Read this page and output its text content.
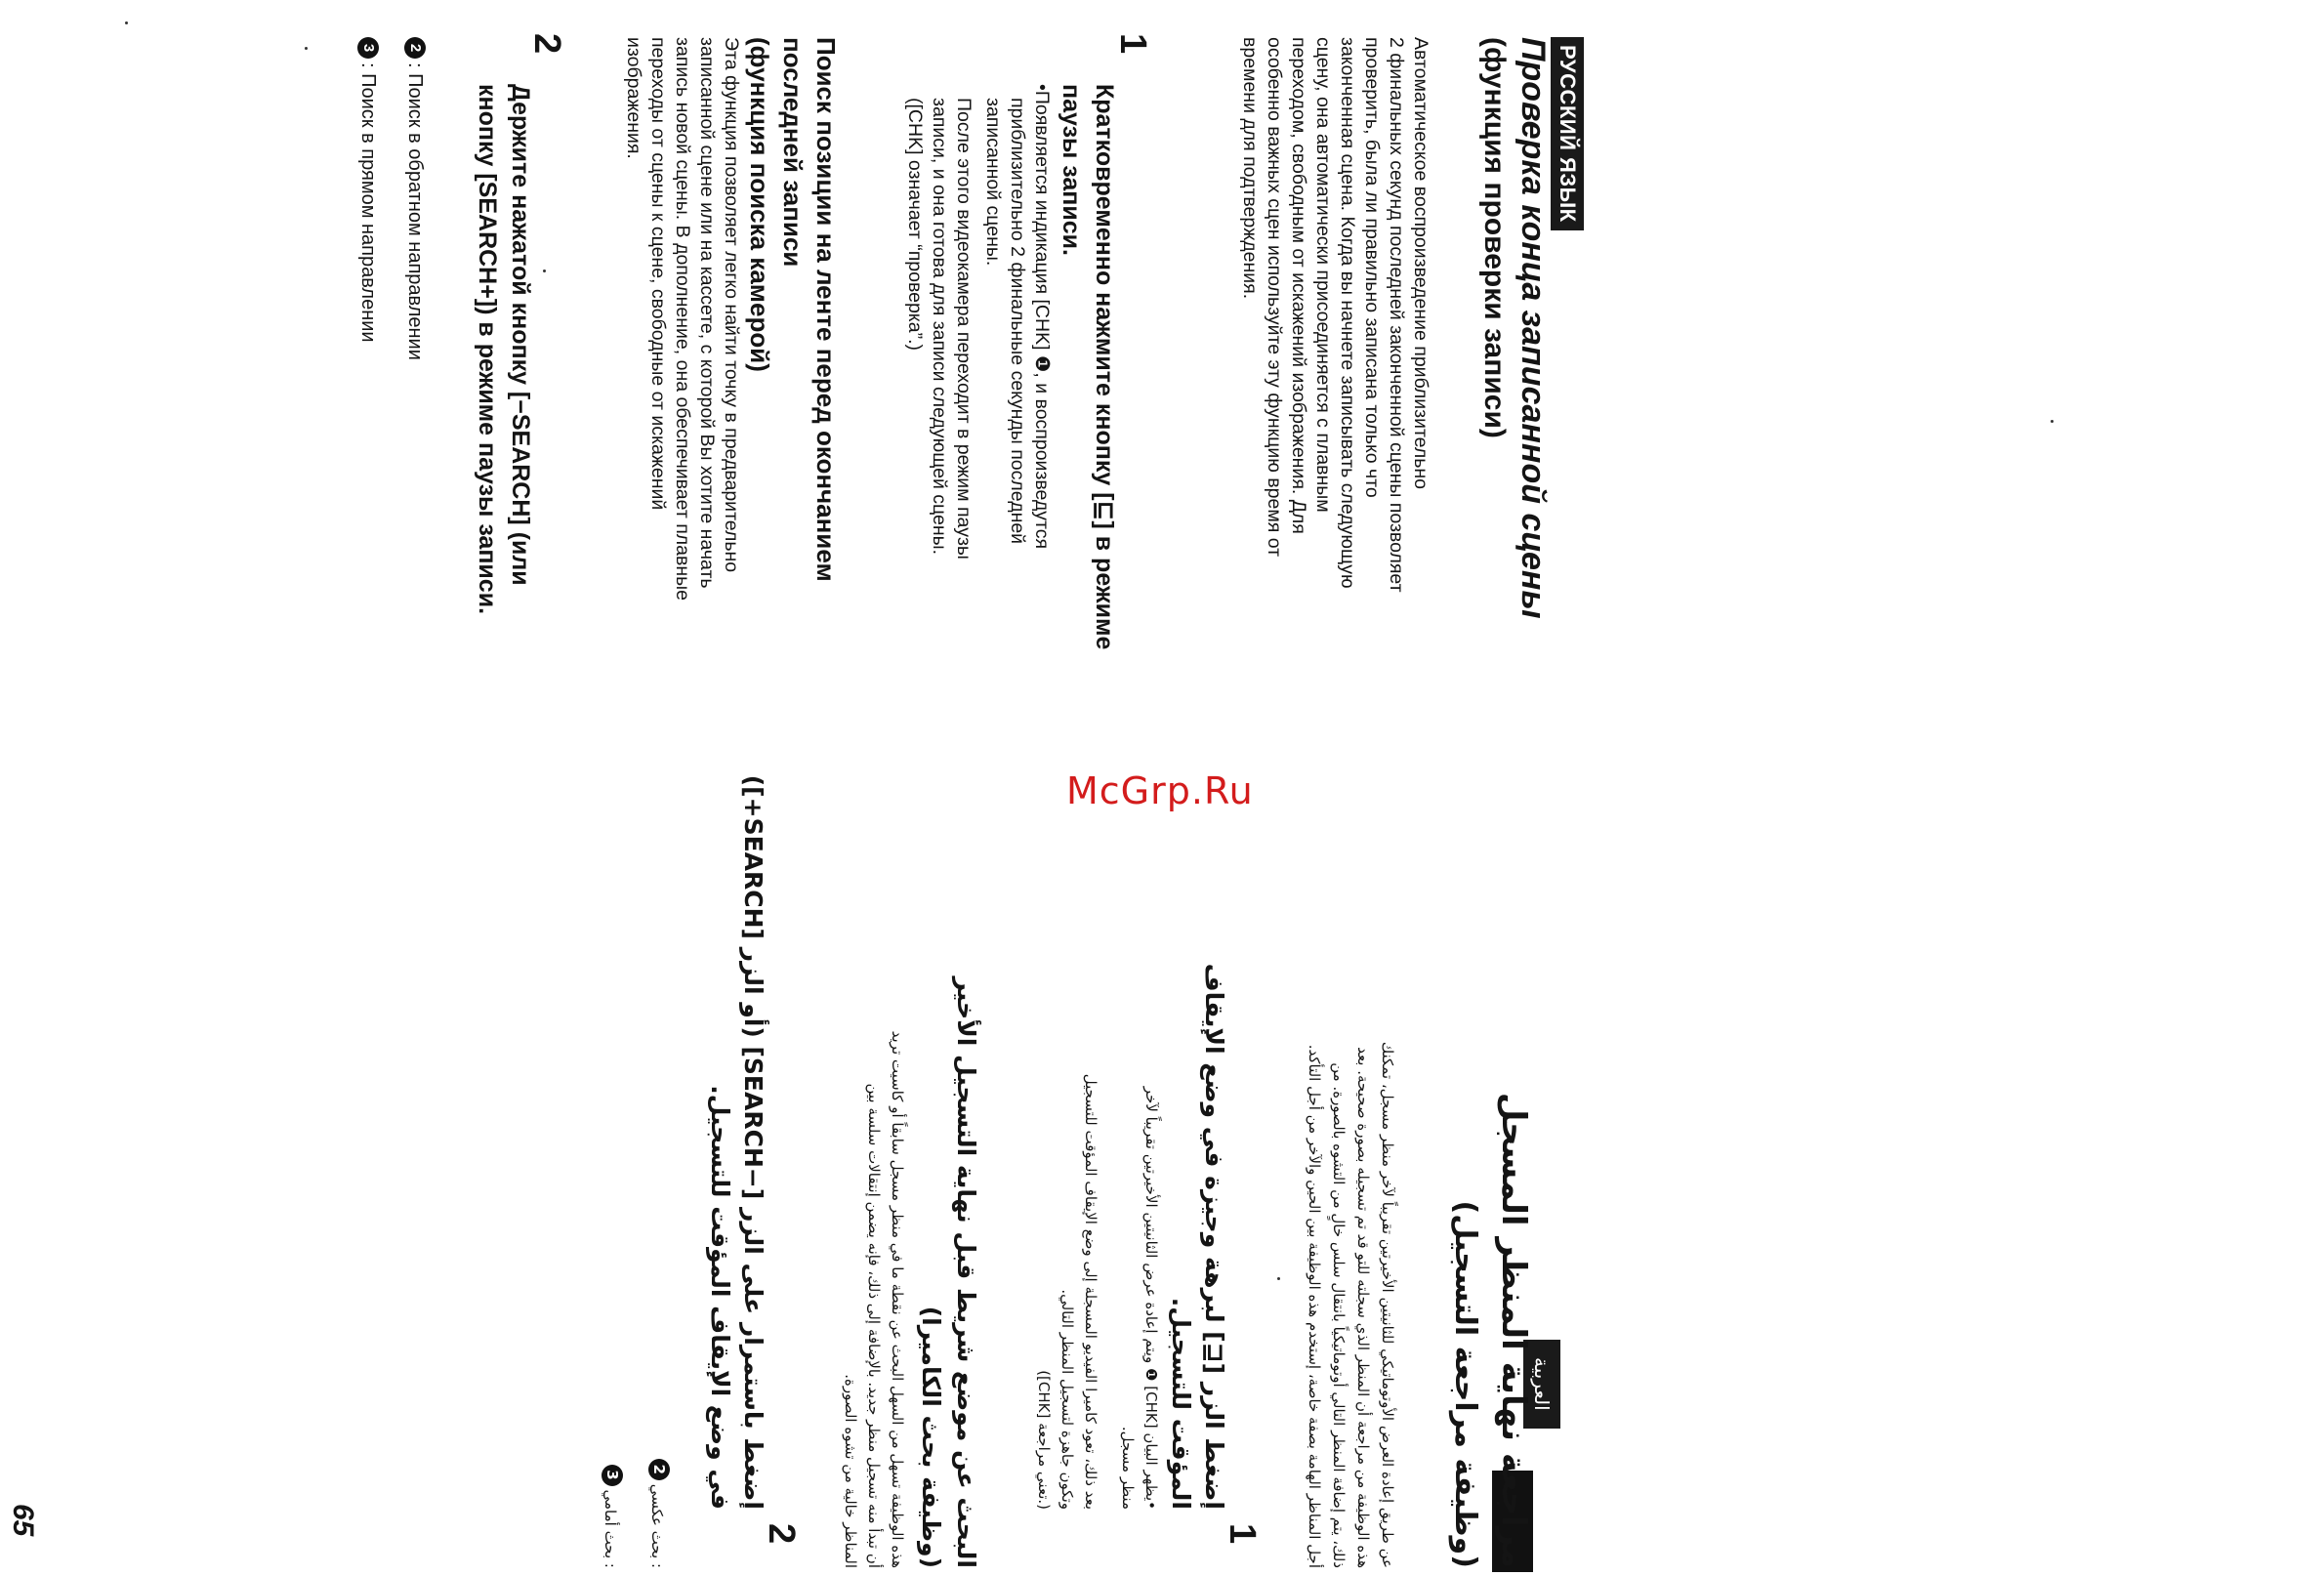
РУССКИЙ ЯЗЫК
Проверка конца записанной сцены
(функция проверки записи)
Автоматическое воспроизведение приблизительно
2 финальных секунд последней законченной сцены позволяет
проверить, была ли правильно записана только что
законченная сцена. Когда вы начнете записывать следующую
сцену, она автоматически присоединяется с плавным
переходом, свободным от искажений изображения. Для
особенно важных сцен используйте эту функцию время от
времени для подтверждения.
1
Кратковременно нажмите кнопку [⊑] в режиме
паузы записи.
•Появляется индикация [CHK] ❶, и воспроизведутся
приблизительно 2 финальные секунды последней
записанной сцены.
После этого видеокамера переходит в режим паузы
записи, и она готова для записи следующей сцены.
([CHK] означает “проверка”.)
Поиск позиции на ленте перед окончанием
последней записи
(функция поиска камерой)
Эта функция позволяет легко найти точку в предварительно
записанной сцене или на кассете, с которой Вы хотите начать
запись новой сцены. В дополнение, она обеспечивает плавные
переходы от сцены к сцене, свободные от искажений
изображения.
2
Держите нажатой кнопку [−SEARCH] (или
кнопку [SEARCH+]) в режиме паузы записи.
2: Поиск в обратном направлении
3: Поиск в прямом направлении
McGrp.Ru
العربية
مراجعة نهاية المنظر المسجل
(وظيفة مراجعة التسجيل)
عن طريق إعادة العرض الأوتوماتيكي للثانيتين الأخيرتين تقريباً لآخر منظر مسجل، تمكنك
هذه الوظيفة من مراجعة أن المنظر الذي سجلته للتو قد تم تسجيله بصورة صحيحة. بعد
ذلك، يتم إضافة المنظر التالي أوتوماتيكياً بانتقال سلس خالٍ من التشوه بالصورة. من
أجل المناظر الهامة بصفة خاصة، إستخدم هذه الوظيفة بين الحين والآخر من أجل التأكد.
1
إضغط الزر [⊑] لبرهة وجيزة في وضع الإيقاف
المؤقت للتسجيل.
•يظهر البيان [CHK] ❶ ويتم إعادة عرض الثانيتين الأخيرتين تقريباً لآخر
منظر مسجل.
بعد ذلك، تعود كاميرا الفيديو المسجلة إلى وضع الإيقاف المؤقت للتسجيل
وتكون جاهزة لتسجيل المنظر التالي.
([CHK] تعني مراجعة.)
البحث عن موضع شريط قبل نهاية التسجيل الأخير
(وظيفة بحث الكاميرا)
هذه الوظيفة تسهل من السهل البحث عن نقطة ما في منظر مسجل سابقاً أو كاسيت تريد
أن تبدأ منه تسجيل منظر جديد. بالإضافة إلى ذلك، فإنه يضمن إنتقالات سلسة بين
المناظر خالية من تشوه الصورة.
2
إضغط باستمرار على الزر [−SEARCH] (أو الزر [SEARCH+])
في وضع الإيقاف المؤقت للتسجيل.
: بحث عكسي2
: بحث أمامي3
65
